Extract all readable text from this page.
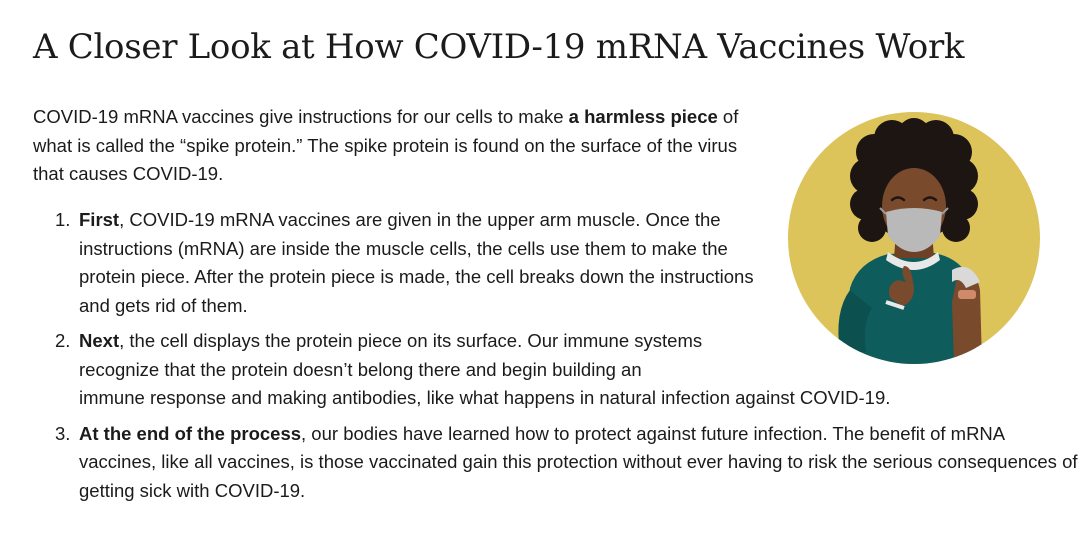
A Closer Look at How COVID-19 mRNA Vaccines Work

COVID-19 mRNA vaccines give instructions for our cells to make a harmless piece of what is called the “spike protein.” The spike protein is found on the surface of the virus that causes COVID-19.

1. First, COVID-19 mRNA vaccines are given in the upper arm muscle. Once the instructions (mRNA) are inside the muscle cells, the cells use them to make the protein piece. After the protein piece is made, the cell breaks down the instructions and gets rid of them.
2. Next, the cell displays the protein piece on its surface. Our immune systems
recognize that the protein doesn’t belong there and begin building an
immune response and making antibodies, like what happens in natural infection against COVID-19.
3. At the end of the process, our bodies have learned how to protect against future infection. The benefit of mRNA vaccines, like all vaccines, is those vaccinated gain this protection without ever having to risk the serious consequences of getting sick with COVID-19.
